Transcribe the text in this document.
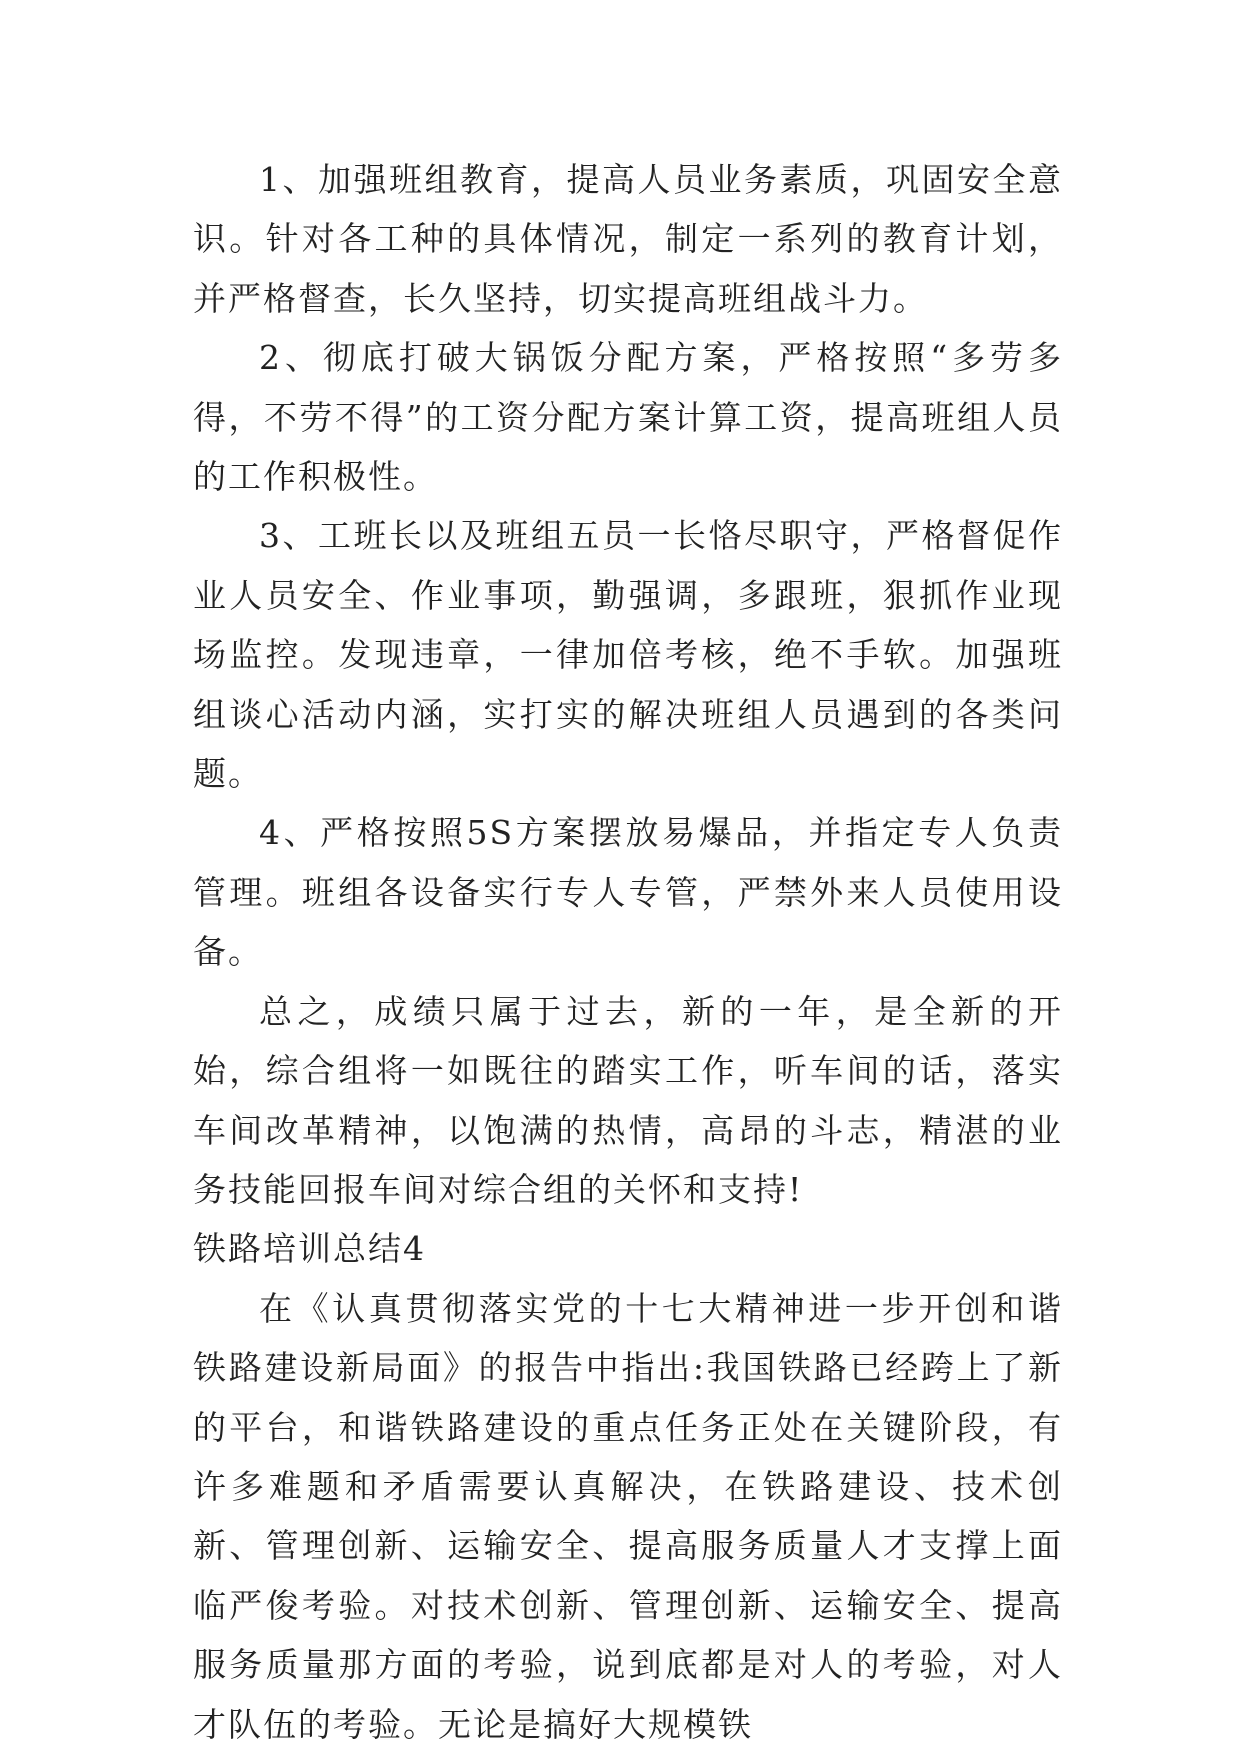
1、加强班组教育，提高人员业务素质，巩固安全意识。针对各工种的具体情况，制定一系列的教育计划，并严格督查，长久坚持，切实提高班组战斗力。

2、彻底打破大锅饭分配方案，严格按照“多劳多得，不劳不得”的工资分配方案计算工资，提高班组人员的工作积极性。

3、工班长以及班组五员一长恪尽职守，严格督促作业人员安全、作业事项，勤强调，多跟班，狠抓作业现场监控。发现违章，一律加倍考核，绝不手软。加强班组谈心活动内涵，实打实的解决班组人员遇到的各类问题。

4、严格按照5S方案摆放易爆品，并指定专人负责管理。班组各设备实行专人专管，严禁外来人员使用设备。

总之，成绩只属于过去，新的一年，是全新的开始，综合组将一如既往的踏实工作，听车间的话，落实车间改革精神，以饱满的热情，高昂的斗志，精湛的业务技能回报车间对综合组的关怀和支持!

铁路培训总结4

在《认真贯彻落实党的十七大精神进一步开创和谐铁路建设新局面》的报告中指出:我国铁路已经跨上了新的平台，和谐铁路建设的重点任务正处在关键阶段，有许多难题和矛盾需要认真解决，在铁路建设、技术创新、管理创新、运输安全、提高服务质量人才支撑上面临严俊考验。对技术创新、管理创新、运输安全、提高服务质量那方面的考验，说到底都是对人的考验，对人才队伍的考验。无论是搞好大规模铁
